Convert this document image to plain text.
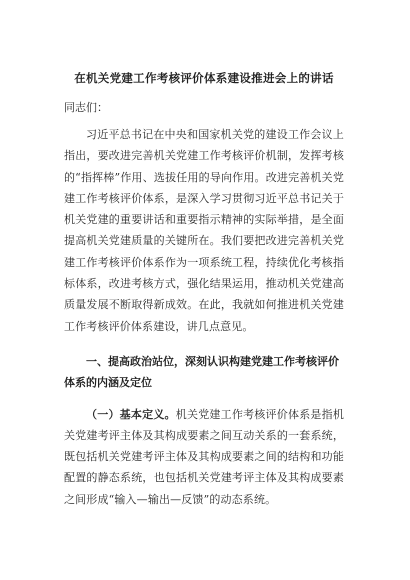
在机关党建工作考核评价体系建设推进会上的讲话
同志们：

习近平总书记在中央和国家机关党的建设工作会议上指出，要改进完善机关党建工作考核评价机制，发挥考核的“指挥棒”作用、选拔任用的导向作用。改进完善机关党建工作考核评价体系，是深入学习贯彻习近平总书记关于机关党建的重要讲话和重要指示精神的实际举措，是全面提高机关党建质量的关键所在。我们要把改进完善机关党建工作考核评价体系作为一项系统工程，持续优化考核指标体系，改进考核方式，强化结果运用，推动机关党建高质量发展不断取得新成效。在此，我就如何推进机关党建工作考核评价体系建设，讲几点意见。

一、提高政治站位，深刻认识构建党建工作考核评价体系的内涵及定位

（一）基本定义。机关党建工作考核评价体系是指机关党建考评主体及其构成要素之间互动关系的一套系统，既包括机关党建考评主体及其构成要素之间的结构和功能配置的静态系统，也包括机关党建考评主体及其构成要素之间形成“输入—输出—反馈”的动态系统。
